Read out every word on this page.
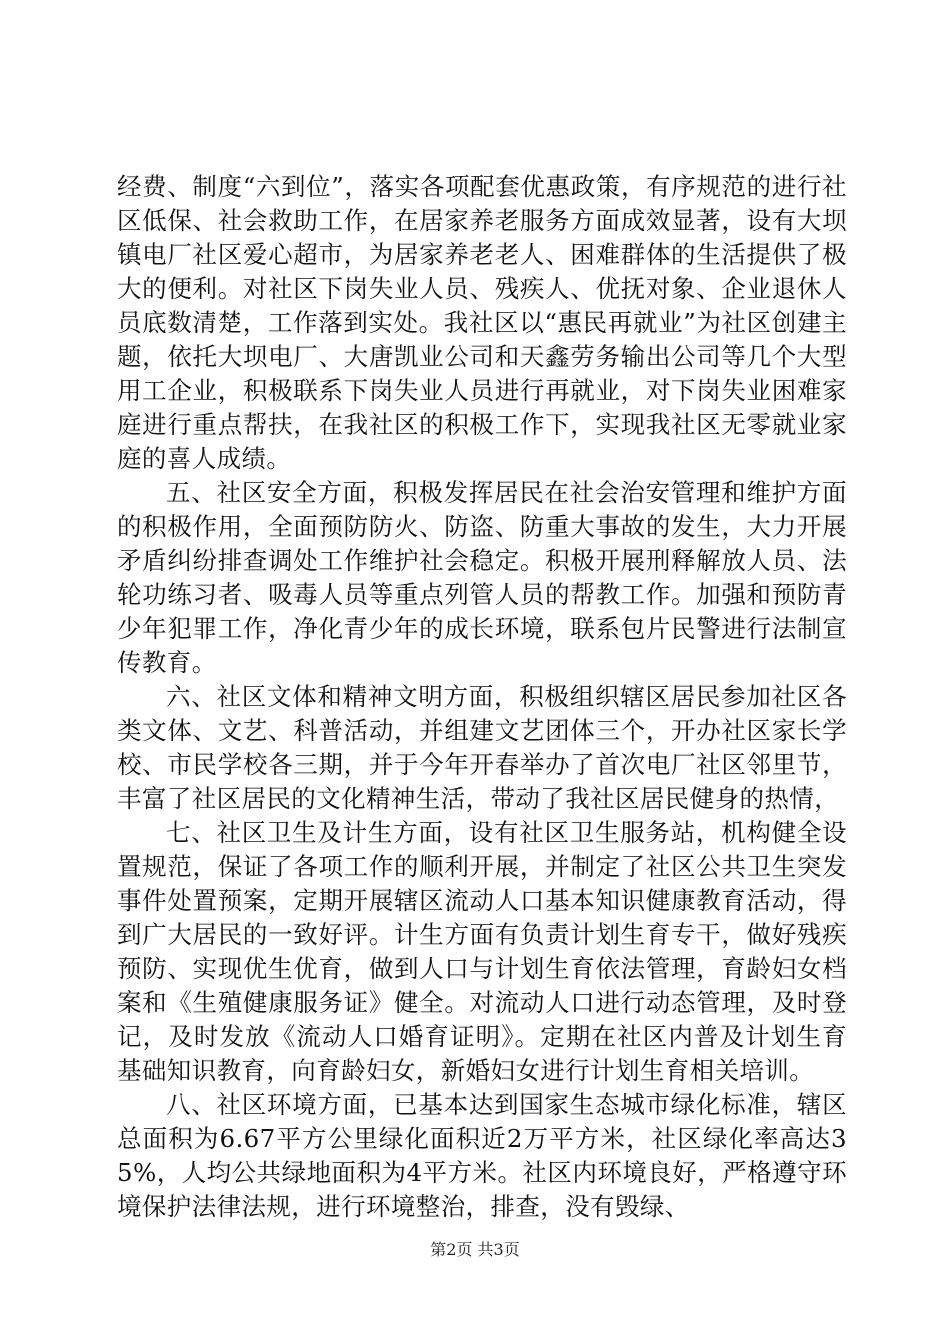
经费、制度“六到位”，落实各项配套优惠政策，有序规范的进行社区低保、社会救助工作，在居家养老服务方面成效显著，设有大坝镇电厂社区爱心超市，为居家养老老人、困难群体的生活提供了极大的便利。对社区下岗失业人员、残疾人、优抚对象、企业退休人员底数清楚，工作落到实处。我社区以“惠民再就业”为社区创建主题，依托大坝电厂、大唐凯业公司和天鑫劳务输出公司等几个大型用工企业，积极联系下岗失业人员进行再就业，对下岗失业困难家庭进行重点帮扶，在我社区的积极工作下，实现我社区无零就业家庭的喜人成绩。

五、社区安全方面，积极发挥居民在社会治安管理和维护方面的积极作用，全面预防防火、防盗、防重大事故的发生，大力开展矛盾纠纷排查调处工作维护社会稳定。积极开展刑释解放人员、法轮功练习者、吸毒人员等重点列管人员的帮教工作。加强和预防青少年犯罪工作，净化青少年的成长环境，联系包片民警进行法制宣传教育。

六、社区文体和精神文明方面，积极组织辖区居民参加社区各类文体、文艺、科普活动，并组建文艺团体三个，开办社区家长学校、市民学校各三期，并于今年开春举办了首次电厂社区邻里节，丰富了社区居民的文化精神生活，带动了我社区居民健身的热情，

七、社区卫生及计生方面，设有社区卫生服务站，机构健全设置规范，保证了各项工作的顺利开展，并制定了社区公共卫生突发事件处置预案，定期开展辖区流动人口基本知识健康教育活动，得到广大居民的一致好评。计生方面有负责计划生育专干，做好残疾预防、实现优生优育，做到人口与计划生育依法管理，育龄妇女档案和《生殖健康服务证》健全。对流动人口进行动态管理，及时登记，及时发放《流动人口婚育证明》。定期在社区内普及计划生育基础知识教育，向育龄妇女，新婚妇女进行计划生育相关培训。

八、社区环境方面，已基本达到国家生态城市绿化标准，辖区总面积为6.67平方公里绿化面积近2万平方米，社区绿化率高达35%，人均公共绿地面积为4平方米。社区内环境良好，严格遵守环境保护法律法规，进行环境整治，排查，没有毁绿、

第2页 共3页
